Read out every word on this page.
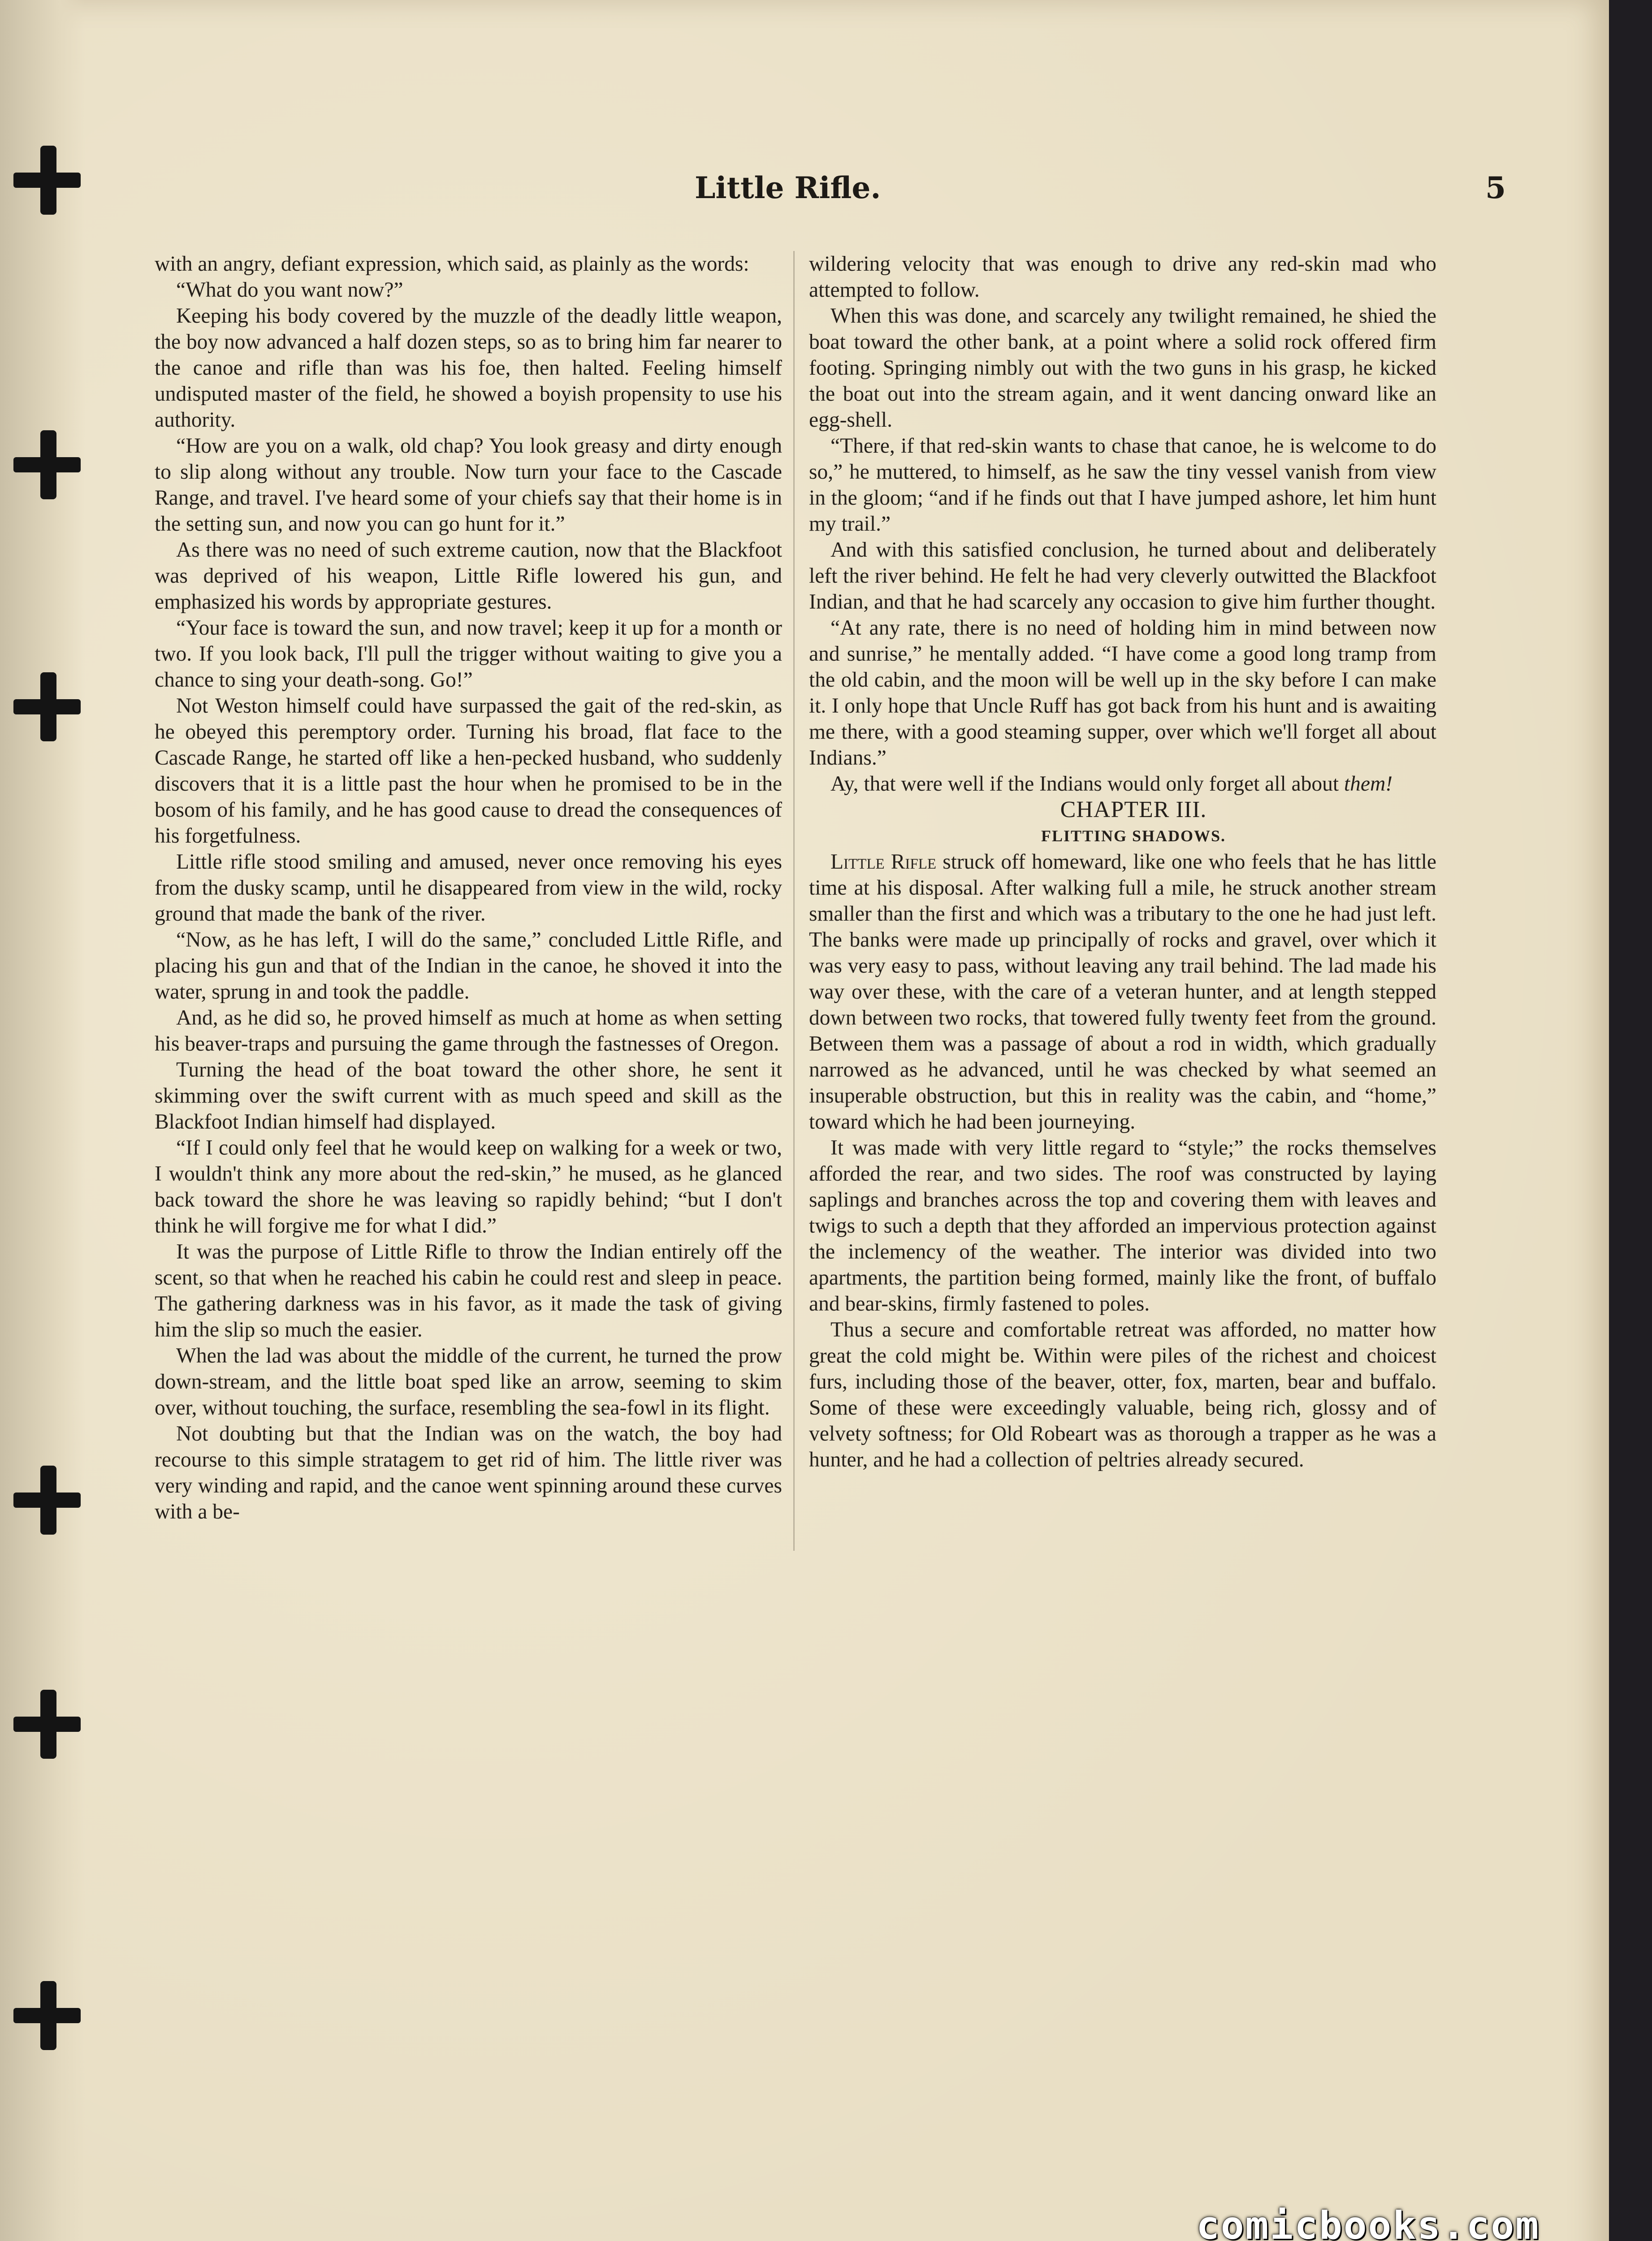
Little Rifle.	5

with an angry, defiant expression, which said, as plainly as the words:

“What do you want now?”

Keeping his body covered by the muzzle of the deadly little weapon, the boy now advanced a half dozen steps, so as to bring him far nearer to the canoe and rifle than was his foe, then halted. Feeling himself undisputed master of the field, he showed a boyish propensity to use his authority.

“How are you on a walk, old chap? You look greasy and dirty enough to slip along without any trouble. Now turn your face to the Cascade Range, and travel. I've heard some of your chiefs say that their home is in the setting sun, and now you can go hunt for it.”

As there was no need of such extreme caution, now that the Blackfoot was deprived of his weapon, Little Rifle lowered his gun, and emphasized his words by appropriate gestures.

“Your face is toward the sun, and now travel; keep it up for a month or two. If you look back, I'll pull the trigger without waiting to give you a chance to sing your death-song. Go!”

Not Weston himself could have surpassed the gait of the red-skin, as he obeyed this peremptory order. Turning his broad, flat face to the Cascade Range, he started off like a hen-pecked husband, who suddenly discovers that it is a little past the hour when he promised to be in the bosom of his family, and he has good cause to dread the consequences of his forgetfulness.

Little rifle stood smiling and amused, never once removing his eyes from the dusky scamp, until he disappeared from view in the wild, rocky ground that made the bank of the river.

“Now, as he has left, I will do the same,” concluded Little Rifle, and placing his gun and that of the Indian in the canoe, he shoved it into the water, sprung in and took the paddle.

And, as he did so, he proved himself as much at home as when setting his beaver-traps and pursuing the game through the fastnesses of Oregon.

Turning the head of the boat toward the other shore, he sent it skimming over the swift current with as much speed and skill as the Blackfoot Indian himself had displayed.

“If I could only feel that he would keep on walking for a week or two, I wouldn't think any more about the red-skin,” he mused, as he glanced back toward the shore he was leaving so rapidly behind; “but I don't think he will forgive me for what I did.”

It was the purpose of Little Rifle to throw the Indian entirely off the scent, so that when he reached his cabin he could rest and sleep in peace. The gathering darkness was in his favor, as it made the task of giving him the slip so much the easier.

When the lad was about the middle of the current, he turned the prow down-stream, and the little boat sped like an arrow, seeming to skim over, without touching, the surface, resembling the sea-fowl in its flight.

Not doubting but that the Indian was on the watch, the boy had recourse to this simple stratagem to get rid of him. The little river was very winding and rapid, and the canoe went spinning around these curves with a be-

wildering velocity that was enough to drive any red-skin mad who attempted to follow.

When this was done, and scarcely any twilight remained, he shied the boat toward the other bank, at a point where a solid rock offered firm footing. Springing nimbly out with the two guns in his grasp, he kicked the boat out into the stream again, and it went dancing onward like an egg-shell.

“There, if that red-skin wants to chase that canoe, he is welcome to do so,” he muttered, to himself, as he saw the tiny vessel vanish from view in the gloom; “and if he finds out that I have jumped ashore, let him hunt my trail.”

And with this satisfied conclusion, he turned about and deliberately left the river behind. He felt he had very cleverly outwitted the Blackfoot Indian, and that he had scarcely any occasion to give him further thought.

“At any rate, there is no need of holding him in mind between now and sunrise,” he mentally added. “I have come a good long tramp from the old cabin, and the moon will be well up in the sky before I can make it. I only hope that Uncle Ruff has got back from his hunt and is awaiting me there, with a good steaming supper, over which we'll forget all about Indians.”

Ay, that were well if the Indians would only forget all about them!

CHAPTER III.

FLITTING SHADOWS.

Little Rifle struck off homeward, like one who feels that he has little time at his disposal. After walking full a mile, he struck another stream smaller than the first and which was a tributary to the one he had just left. The banks were made up principally of rocks and gravel, over which it was very easy to pass, without leaving any trail behind. The lad made his way over these, with the care of a veteran hunter, and at length stepped down between two rocks, that towered fully twenty feet from the ground. Between them was a passage of about a rod in width, which gradually narrowed as he advanced, until he was checked by what seemed an insuperable obstruction, but this in reality was the cabin, and “home,” toward which he had been journeying.

It was made with very little regard to “style;” the rocks themselves afforded the rear, and two sides. The roof was constructed by laying saplings and branches across the top and covering them with leaves and twigs to such a depth that they afforded an impervious protection against the inclemency of the weather. The interior was divided into two apartments, the partition being formed, mainly like the front, of buffalo and bear-skins, firmly fastened to poles.

Thus a secure and comfortable retreat was afforded, no matter how great the cold might be. Within were piles of the richest and choicest furs, including those of the beaver, otter, fox, marten, bear and buffalo. Some of these were exceedingly valuable, being rich, glossy and of velvety softness; for Old Robeart was as thorough a trapper as he was a hunter, and he had a collection of peltries already secured.

comicbooks.com
